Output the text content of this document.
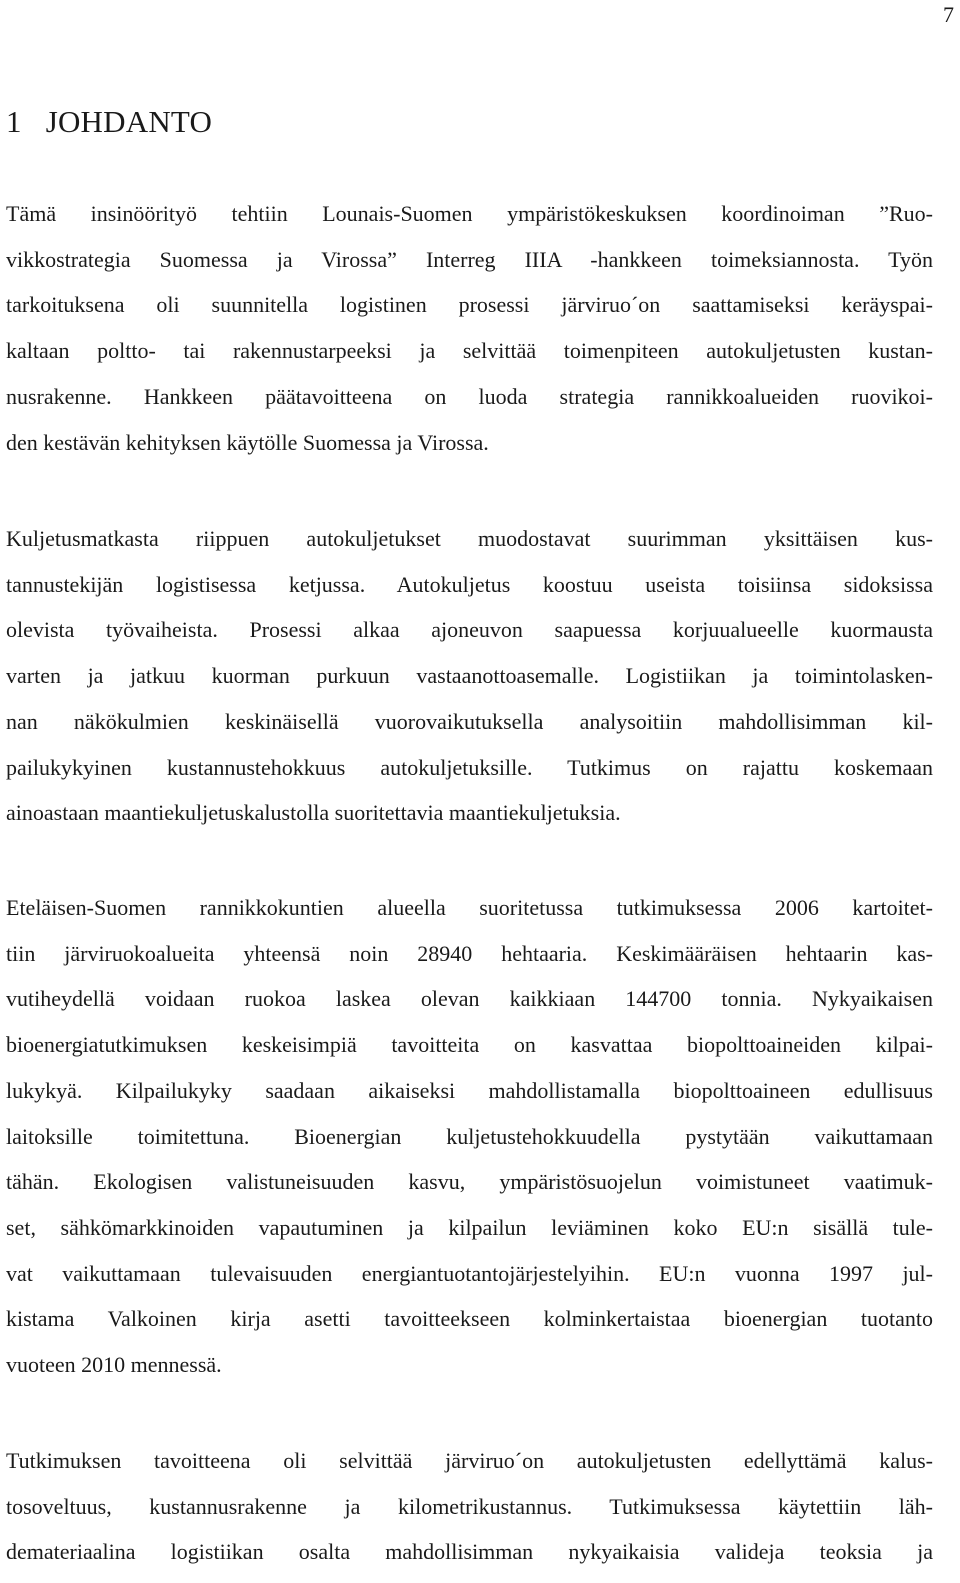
7
1 JOHDANTO
Tämä insinöörityö tehtiin Lounais-Suomen ympäristökeskuksen koordinoiman ”Ruo-
vikkostrategia Suomessa ja Virossa” Interreg IIIA -hankkeen toimeksiannosta. Työn
tarkoituksena oli suunnitella logistinen prosessi järviruo´on saattamiseksi keräyspai-
kaltaan poltto- tai rakennustarpeeksi ja selvittää toimenpiteen autokuljetusten kustan-
nusrakenne. Hankkeen päätavoitteena on luoda strategia rannikkoalueiden ruovikoi-
den kestävän kehityksen käytölle Suomessa ja Virossa.
Kuljetusmatkasta riippuen autokuljetukset muodostavat suurimman yksittäisen kus-
tannustekijän logistisessa ketjussa. Autokuljetus koostuu useista toisiinsa sidoksissa
olevista työvaiheista. Prosessi alkaa ajoneuvon saapuessa korjuualueelle kuormausta
varten ja jatkuu kuorman purkuun vastaanottoasemalle. Logistiikan ja toimintolasken-
nan näkökulmien keskinäisellä vuorovaikutuksella analysoitiin mahdollisimman kil-
pailukykyinen kustannustehokkuus autokuljetuksille. Tutkimus on rajattu koskemaan
ainoastaan maantiekuljetuskalustolla suoritettavia maantiekuljetuksia.
Eteläisen-Suomen rannikkokuntien alueella suoritetussa tutkimuksessa 2006 kartoitet-
tiin järviruokoalueita yhteensä noin 28940 hehtaaria. Keskimääräisen hehtaarin kas-
vutiheydellä voidaan ruokoa laskea olevan kaikkiaan 144700 tonnia. Nykyaikaisen
bioenergiatutkimuksen keskeisimpiä tavoitteita on kasvattaa biopolttoaineiden kilpai-
lukykyä. Kilpailukyky saadaan aikaiseksi mahdollistamalla biopolttoaineen edullisuus
laitoksille toimitettuna. Bioenergian kuljetustehokkuudella pystytään vaikuttamaan
tähän. Ekologisen valistuneisuuden kasvu, ympäristösuojelun voimistuneet vaatimuk-
set, sähkömarkkinoiden vapautuminen ja kilpailun leviäminen koko EU:n sisällä tule-
vat vaikuttamaan tulevaisuuden energiantuotantojärjestelyihin. EU:n vuonna 1997 jul-
kistama Valkoinen kirja asetti tavoitteekseen kolminkertaistaa bioenergian tuotanto
vuoteen 2010 mennessä.
Tutkimuksen tavoitteena oli selvittää järviruo´on autokuljetusten edellyttämä kalus-
tosoveltuus, kustannusrakenne ja kilometrikustannus. Tutkimuksessa käytettiin läh-
demateriaalina logistiikan osalta mahdollisimman nykyaikaisia valideja teoksia ja
